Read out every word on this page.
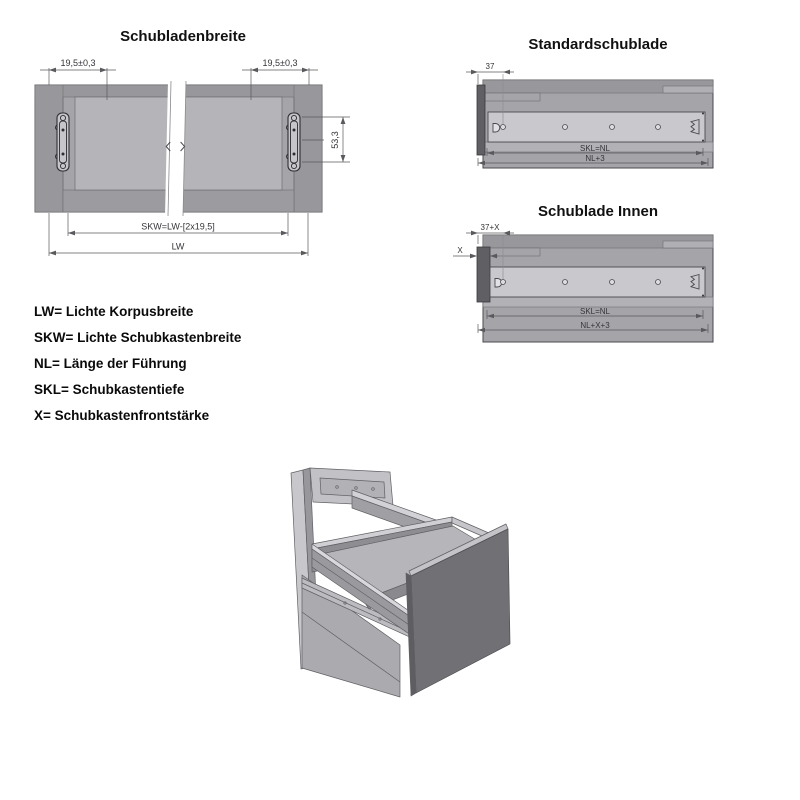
Schubladenbreite
19,5±0,3	19,5±0,3
53,3
SKW=LW-[2x19,5]
LW
Standardschublade
37
SKL=NL
NL+3
Schublade Innen
37+X
X
SKL=NL
NL+X+3
LW= Lichte Korpusbreite
SKW= Lichte Schubkastenbreite
NL= Länge der Führung
SKL= Schubkastentiefe
X= Schubkastenfrontstärke
